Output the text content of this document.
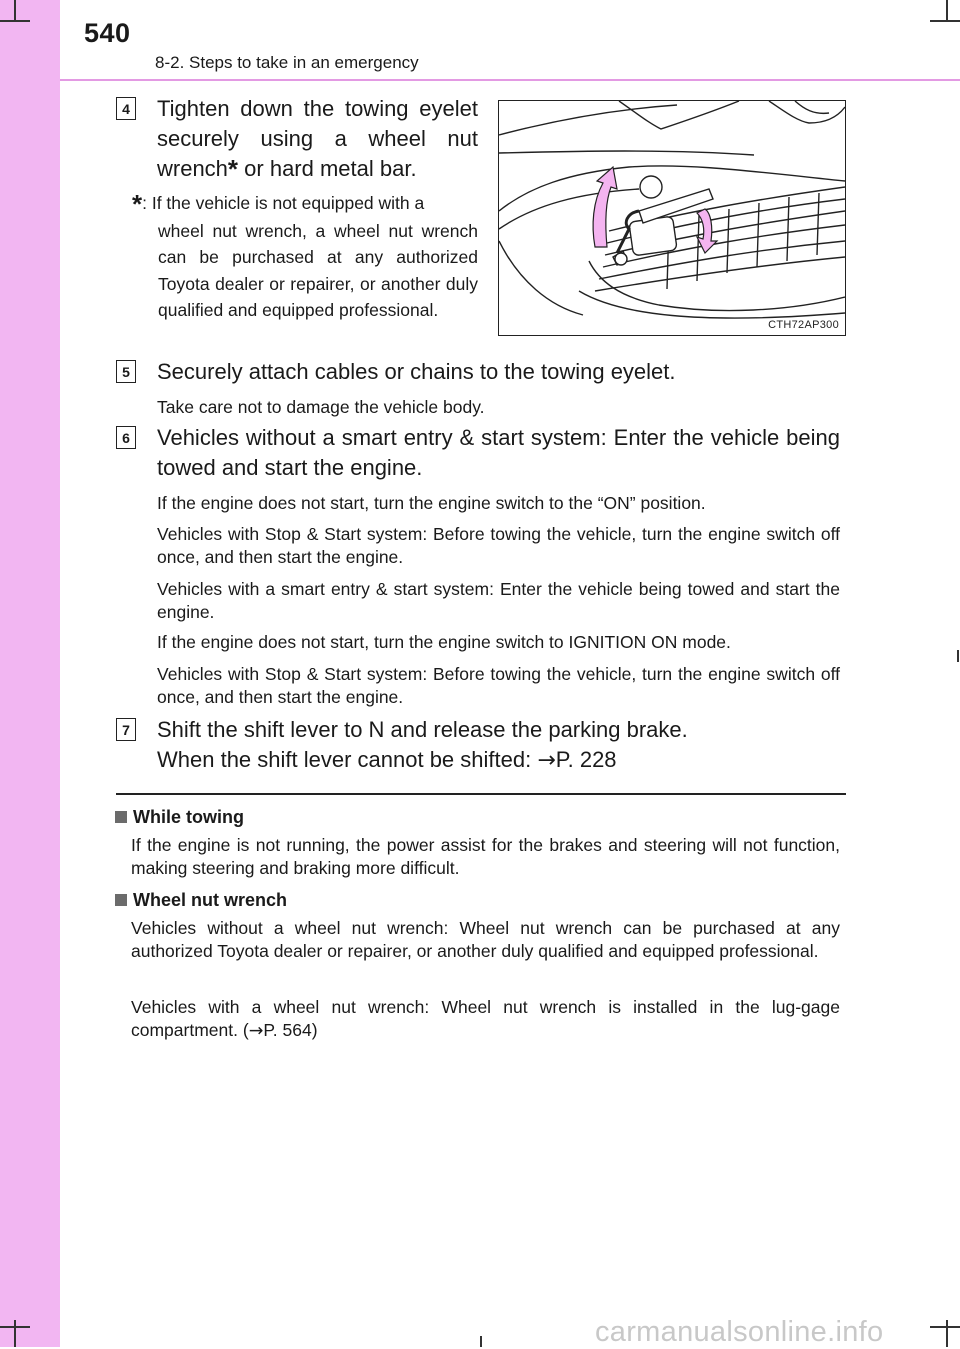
540
8-2. Steps to take in an emergency
4 Tighten down the towing eyelet
securely using a wheel nut
wrench* or hard metal bar.
*: If the vehicle is not equipped with a
wheel nut wrench, a wheel nut wrench can be purchased at any authorized Toyota dealer or repairer, or another duly qualified and equipped professional.
CTH72AP300
5 Securely attach cables or chains to the towing eyelet.
Take care not to damage the vehicle body.
6 Vehicles without a smart entry & start system: Enter the vehicle being towed and start the engine.
If the engine does not start, turn the engine switch to the “ON” position.
Vehicles with Stop & Start system: Before towing the vehicle, turn the engine switch off once, and then start the engine.
Vehicles with a smart entry & start system: Enter the vehicle being towed and start the engine.
If the engine does not start, turn the engine switch to IGNITION ON mode.
Vehicles with Stop & Start system: Before towing the vehicle, turn the engine switch off once, and then start the engine.
7 Shift the shift lever to N and release the parking brake.
When the shift lever cannot be shifted: →P. 228
While towing
If the engine is not running, the power assist for the brakes and steering will not function, making steering and braking more difficult.
Wheel nut wrench
Vehicles without a wheel nut wrench: Wheel nut wrench can be purchased at any authorized Toyota dealer or repairer, or another duly qualified and equipped professional.
Vehicles with a wheel nut wrench: Wheel nut wrench is installed in the lug-gage compartment. (→P. 564)
carmanualsonline.info
